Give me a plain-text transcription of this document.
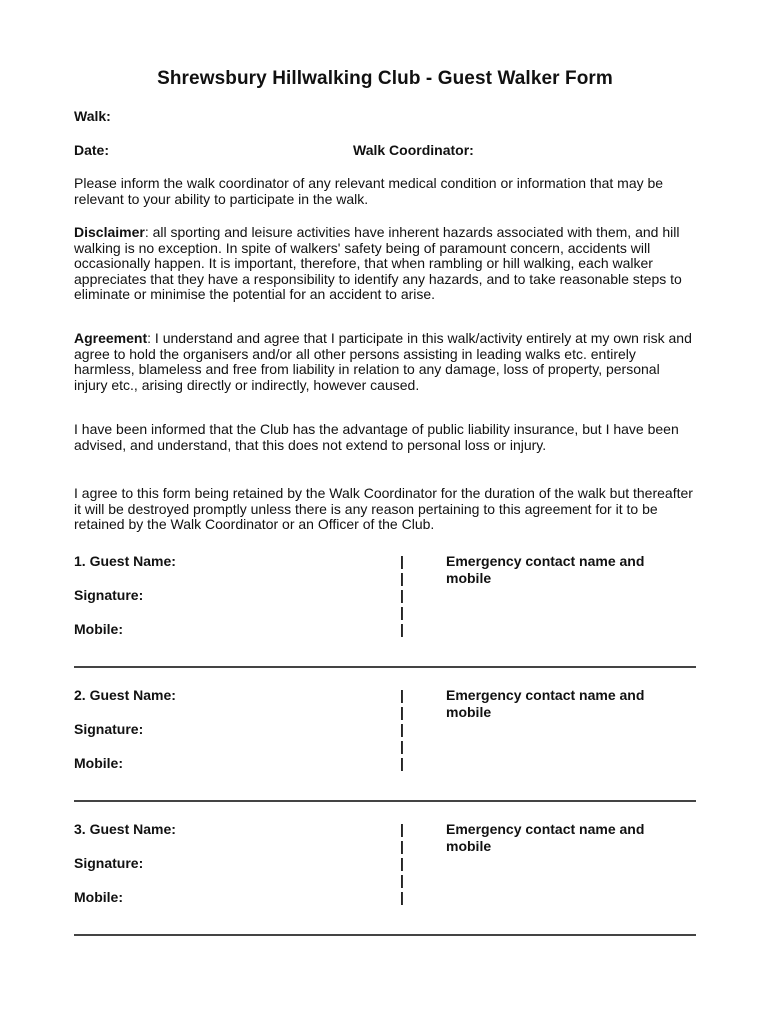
Shrewsbury Hillwalking Club - Guest Walker Form
Walk:
Date:	Walk Coordinator:

Please inform the walk coordinator of any relevant medical condition or information that may be relevant to your ability to participate in the walk.

Disclaimer: all sporting and leisure activities have inherent hazards associated with them, and hill walking is no exception. In spite of walkers' safety being of paramount concern, accidents will occasionally happen. It is important, therefore, that when rambling or hill walking, each walker appreciates that they have a responsibility to identify any hazards, and to take reasonable steps to eliminate or minimise the potential for an accident to arise.

Agreement: I understand and agree that I participate in this walk/activity entirely at my own risk and agree to hold the organisers and/or all other persons assisting in leading walks etc. entirely harmless, blameless and free from liability in relation to any damage, loss of property, personal injury etc., arising directly or indirectly, however caused.

I have been informed that the Club has the advantage of public liability insurance, but I have been advised, and understand, that this does not extend to personal loss or injury.

I agree to this form being retained by the Walk Coordinator for the duration of the walk but thereafter it will be destroyed promptly unless there is any reason pertaining to this agreement for it to be retained by the Walk Coordinator or an Officer of the Club.

1. Guest Name:
Signature:
Mobile:
|
|
|
|
|
Emergency contact name and mobile
2. Guest Name:
Signature:
Mobile:
|
|
|
|
|
Emergency contact name and mobile
3. Guest Name:
Signature:
Mobile:
|
|
|
|
|
Emergency contact name and mobile
